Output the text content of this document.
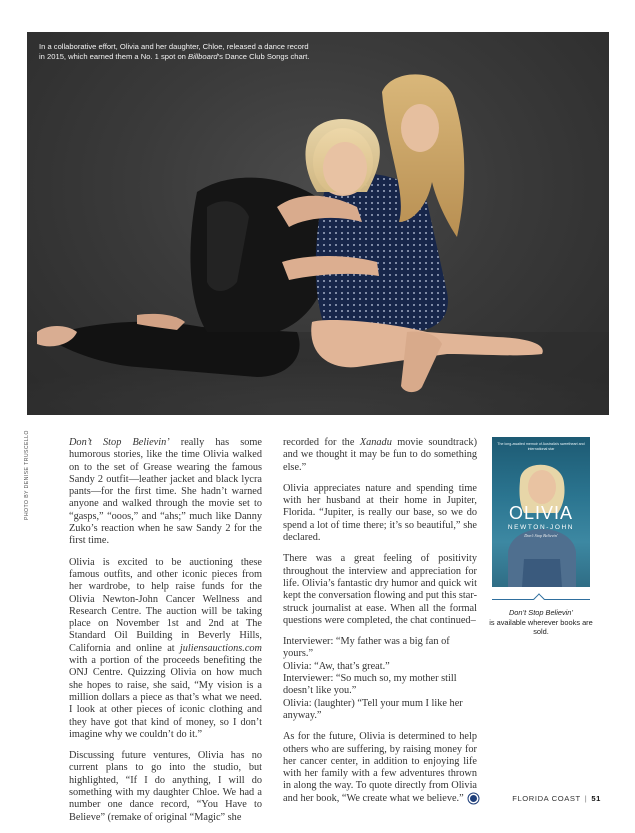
In a collaborative effort, Olivia and her daughter, Chloe, released a dance record
in 2015, which earned them a No. 1 spot on Billboard’s Dance Club Songs chart.
PHOTO BY DENISE TRUSCELLO	Don’t Stop Believin’ really has some humorous stories, like the time Olivia walked on to the set of Grease wearing the famous Sandy 2 outfit—leather jacket and black lycra pants—for the first time. She hadn’t warned anyone and walked through the movie set to “gasps,” “ooos,” and “ahs;” much like Danny Zuko’s reaction when he saw Sandy 2 for the first time.

Olivia is excited to be auctioning these famous outfits, and other iconic pieces from her wardrobe, to help raise funds for the Olivia Newton-John Cancer Wellness and Research Centre. The auction will be taking place on November 1st and 2nd at The Standard Oil Building in Beverly Hills, California and online at juliensauctions.com with a portion of the proceeds benefiting the ONJ Centre. Quizzing Olivia on how much she hopes to raise, she said, “My vision is a million dollars a piece as that’s what we need. I look at other pieces of iconic clothing and they have got that kind of money, so I don’t imagine why we couldn’t do it.”

Discussing future ventures, Olivia has no current plans to go into the studio, but highlighted, “If I do anything, I will do something with my daughter Chloe. We had a number one dance record, “You Have to Believe” (remake of original “Magic” she

recorded for the Xanadu movie soundtrack) and we thought it may be fun to do something else.”

Olivia appreciates nature and spending time with her husband at their home in Jupiter, Florida. “Jupiter, is really our base, so we do spend a lot of time there; it’s so beautiful,” she declared.

There was a great feeling of positivity throughout the interview and appreciation for life. Olivia’s fantastic dry humor and quick wit kept the conversation flowing and put this star-struck journalist at ease. When all the formal questions were completed, the chat continued–

Interviewer: “My father was a big fan of yours.”
Olivia: “Aw, that’s great.”
Interviewer: “So much so, my mother still doesn’t like you.”
Olivia: (laughter) “Tell your mum I like her anyway.”

As for the future, Olivia is determined to help others who are suffering, by raising money for her cancer center, in addition to enjoying life with her family with a few adventures thrown in along the way. To quote directly from Olivia and her book, “We create what we believe.”

The long-awaited memoir of Australia's sweetheart and international star
OLIVIA
NEWTON-JOHN
Don't Stop Believin'
Don’t Stop Believin’
is available wherever books are sold.
FLORIDA COAST | 51
